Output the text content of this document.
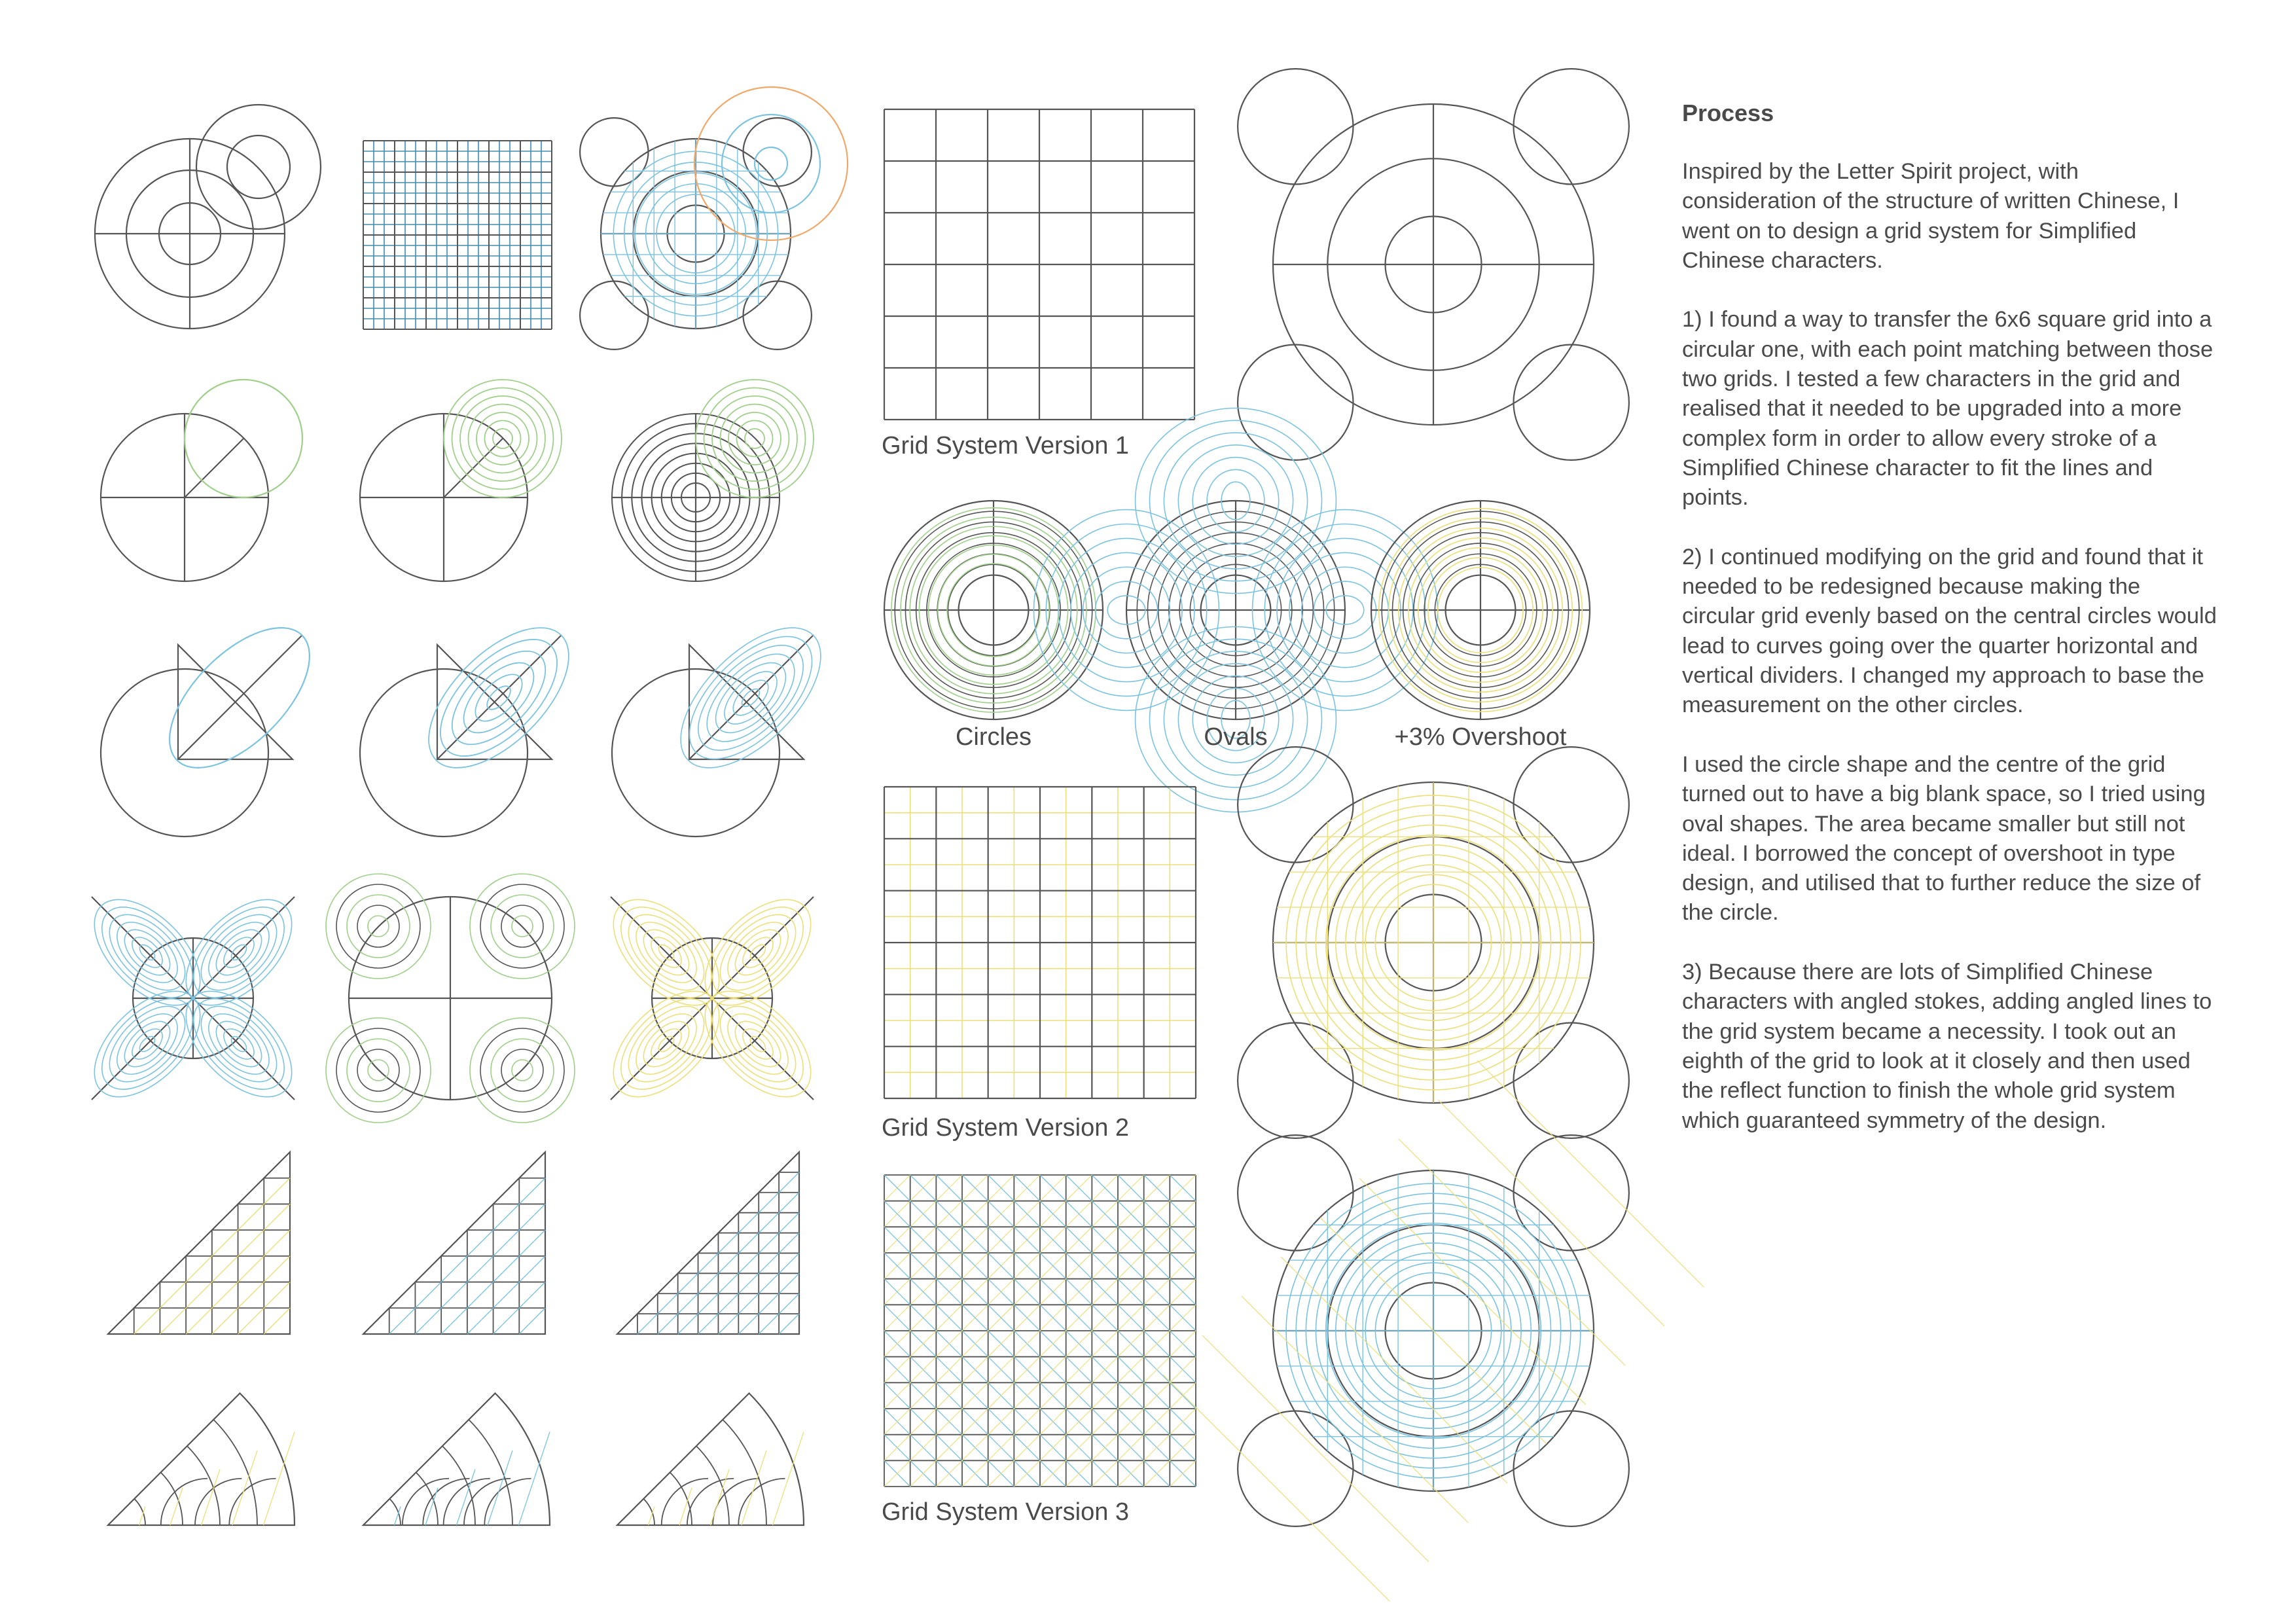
Grid System Version 1
Circles	Ovals	+3% Overshoot
Grid System Version 2
Grid System Version 3
Process

Inspired by the Letter Spirit project, with consideration of the structure of written Chinese, I went on to design a grid system for Simplified Chinese characters.

1) I found a way to transfer the 6x6 square grid into a circular one, with each point matching between those two grids. I tested a few characters in the grid and realised that it needed to be upgraded into a more complex form in order to allow every stroke of a Simplified Chinese character to fit the lines and points.

2) I continued modifying on the grid and found that it needed to be redesigned because making the circular grid evenly based on the central circles would lead to curves going over the quarter horizontal and vertical dividers. I changed my approach to base the measurement on the other circles.

I used the circle shape and the centre of the grid turned out to have a big blank space, so I tried using oval shapes. The area became smaller but still not ideal. I borrowed the concept of overshoot in type design, and utilised that to further reduce the size of the circle.

3) Because there are lots of Simplified Chinese characters with angled stokes, adding angled lines to the grid system became a necessity. I took out an eighth of the grid to look at it closely and then used the reflect function to finish the whole grid system which guaranteed symmetry of the design.
